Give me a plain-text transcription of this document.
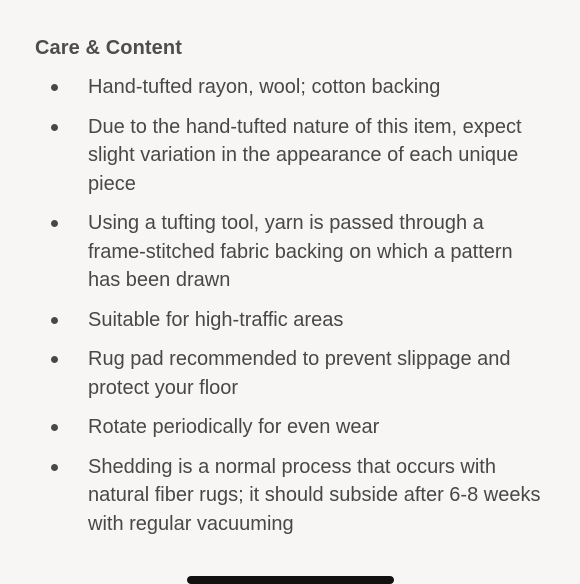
Care & Content
Hand-tufted rayon, wool; cotton backing
Due to the hand-tufted nature of this item, expect slight variation in the appearance of each unique piece
Using a tufting tool, yarn is passed through a frame-stitched fabric backing on which a pattern has been drawn
Suitable for high-traffic areas
Rug pad recommended to prevent slippage and protect your floor
Rotate periodically for even wear
Shedding is a normal process that occurs with natural fiber rugs; it should subside after 6-8 weeks with regular vacuuming
